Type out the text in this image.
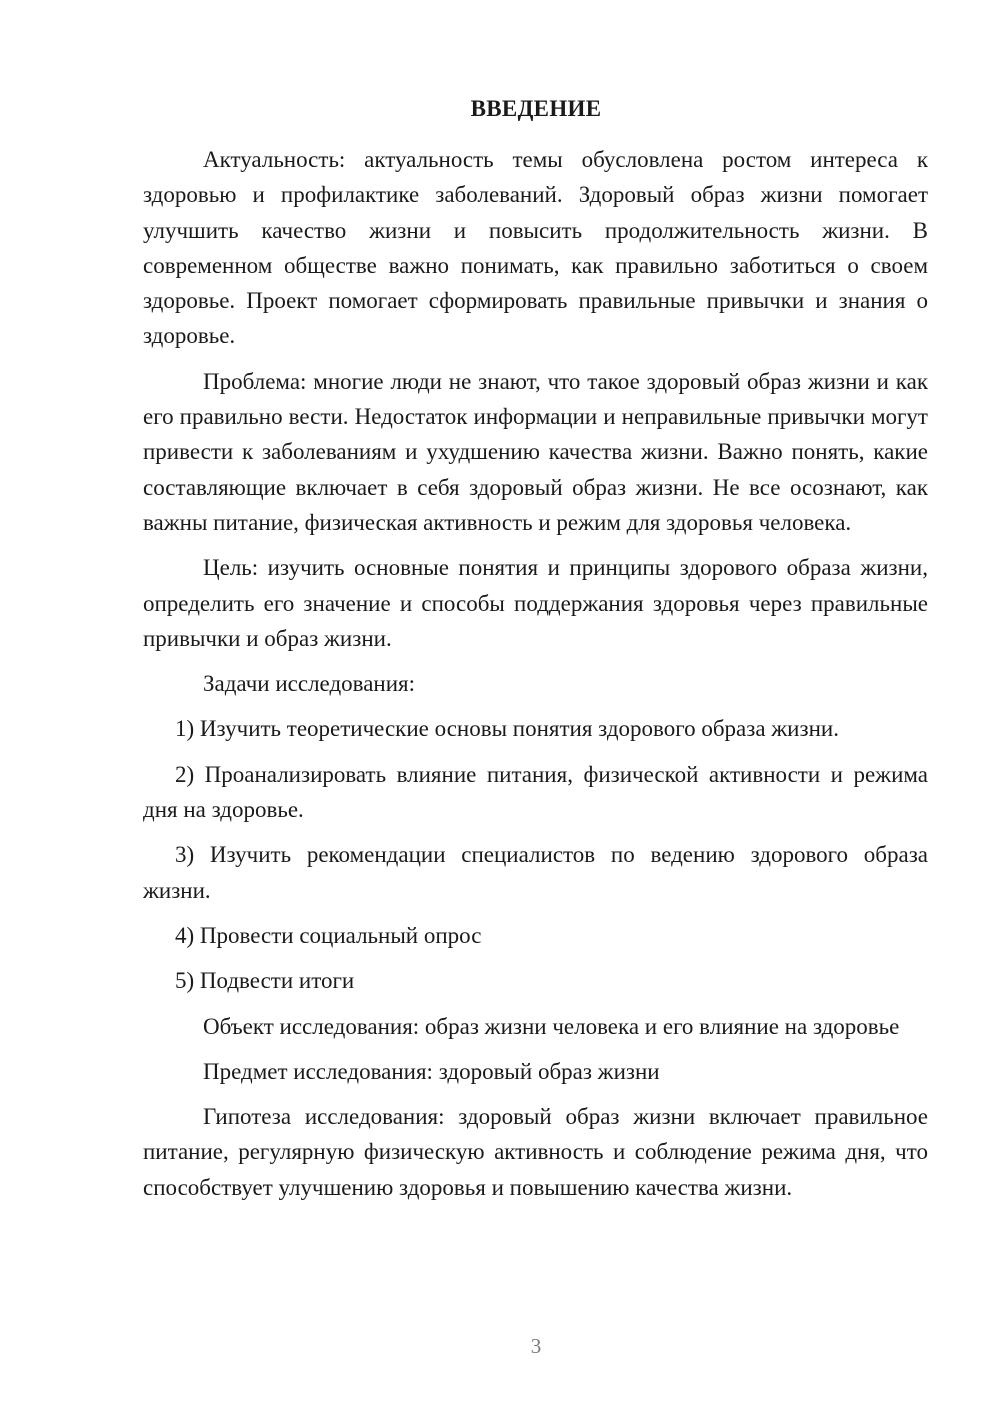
ВВЕДЕНИЕ

Актуальность: актуальность темы обусловлена ростом интереса к здоровью и профилактике заболеваний. Здоровый образ жизни помогает улучшить качество жизни и повысить продолжительность жизни. В современном обществе важно понимать, как правильно заботиться о своем здоровье. Проект помогает сформировать правильные привычки и знания о здоровье.

Проблема: многие люди не знают, что такое здоровый образ жизни и как его правильно вести. Недостаток информации и неправильные привычки могут привести к заболеваниям и ухудшению качества жизни. Важно понять, какие составляющие включает в себя здоровый образ жизни. Не все осознают, как важны питание, физическая активность и режим для здоровья человека.

Цель: изучить основные понятия и принципы здорового образа жизни, определить его значение и способы поддержания здоровья через правильные привычки и образ жизни.

Задачи исследования:

1) Изучить теоретические основы понятия здорового образа жизни.

2) Проанализировать влияние питания, физической активности и режима дня на здоровье.

3) Изучить рекомендации специалистов по ведению здорового образа жизни.

4) Провести социальный опрос

5) Подвести итоги

Объект исследования: образ жизни человека и его влияние на здоровье

Предмет исследования: здоровый образ жизни

Гипотеза исследования: здоровый образ жизни включает правильное питание, регулярную физическую активность и соблюдение режима дня, что способствует улучшению здоровья и повышению качества жизни.

3
